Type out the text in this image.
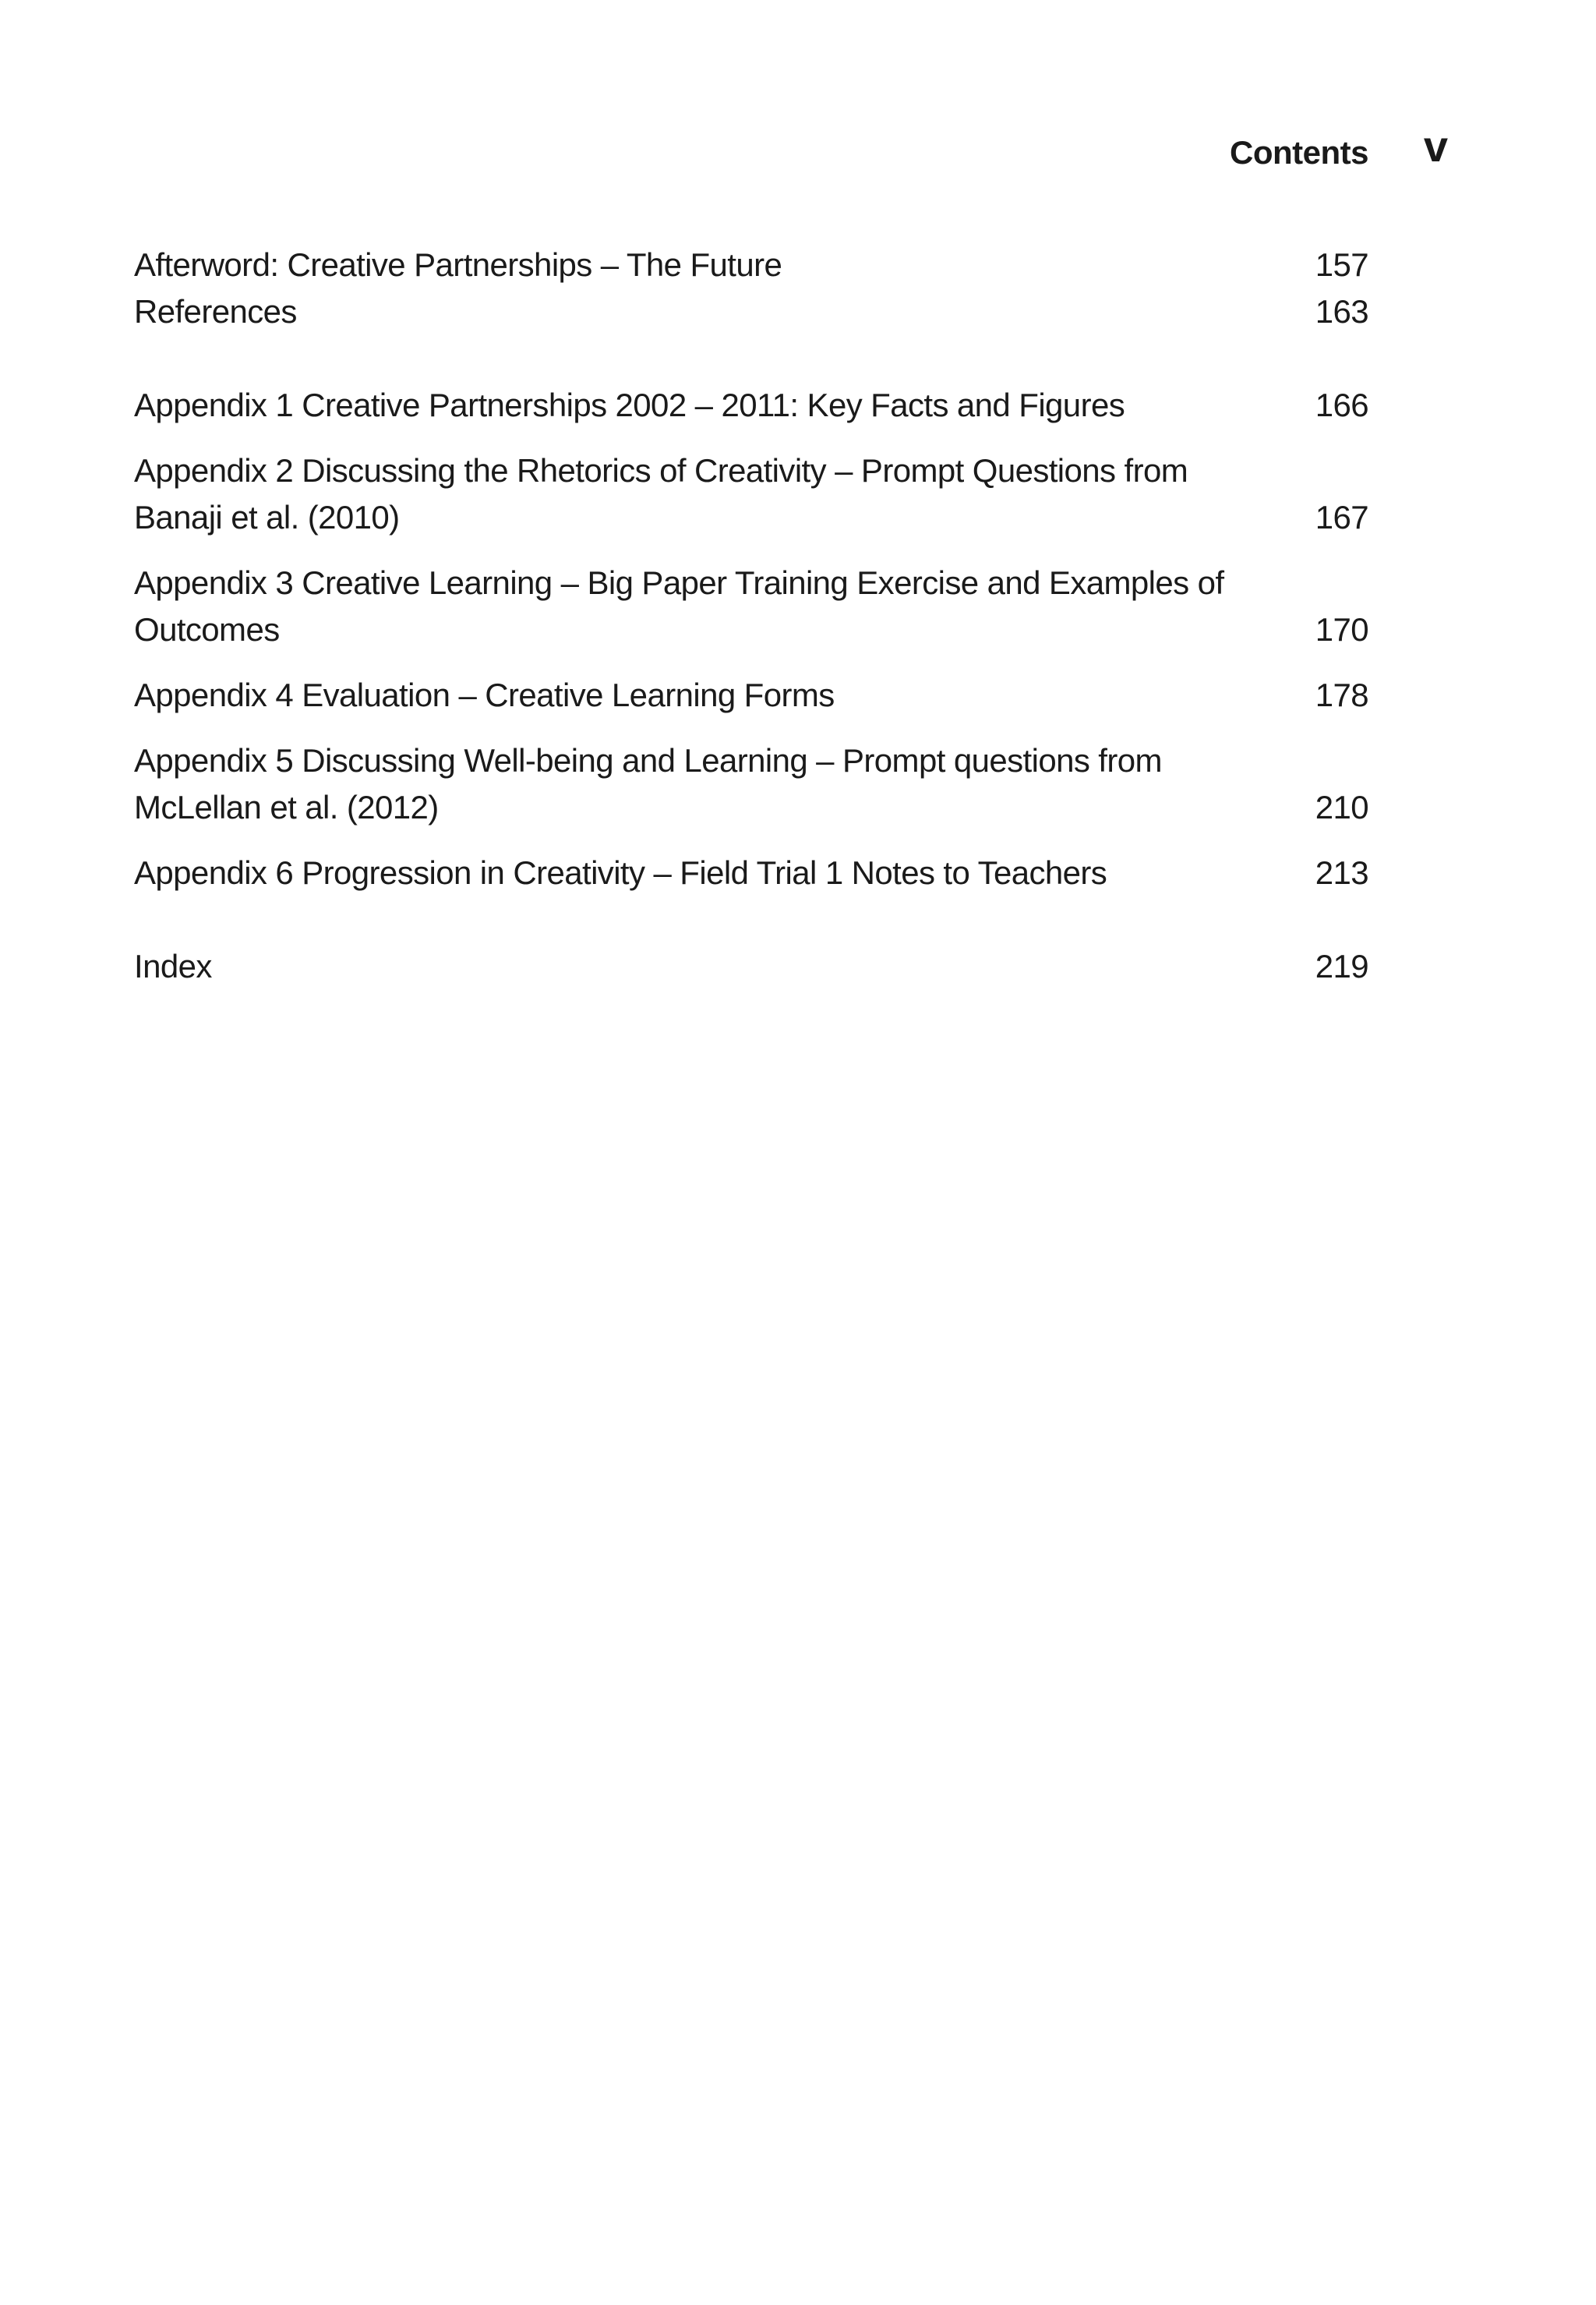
Contents v
Afterword: Creative Partnerships – The Future	157
References	163
Appendix 1 Creative Partnerships 2002 – 2011: Key Facts and Figures	166
Appendix 2 Discussing the Rhetorics of Creativity – Prompt Questions from
Banaji et al. (2010)	167
Appendix 3 Creative Learning – Big Paper Training Exercise and Examples of
Outcomes	170
Appendix 4 Evaluation – Creative Learning Forms	178
Appendix 5 Discussing Well-being and Learning – Prompt questions from
McLellan et al. (2012)	210
Appendix 6 Progression in Creativity – Field Trial 1 Notes to Teachers	213
Index	219
